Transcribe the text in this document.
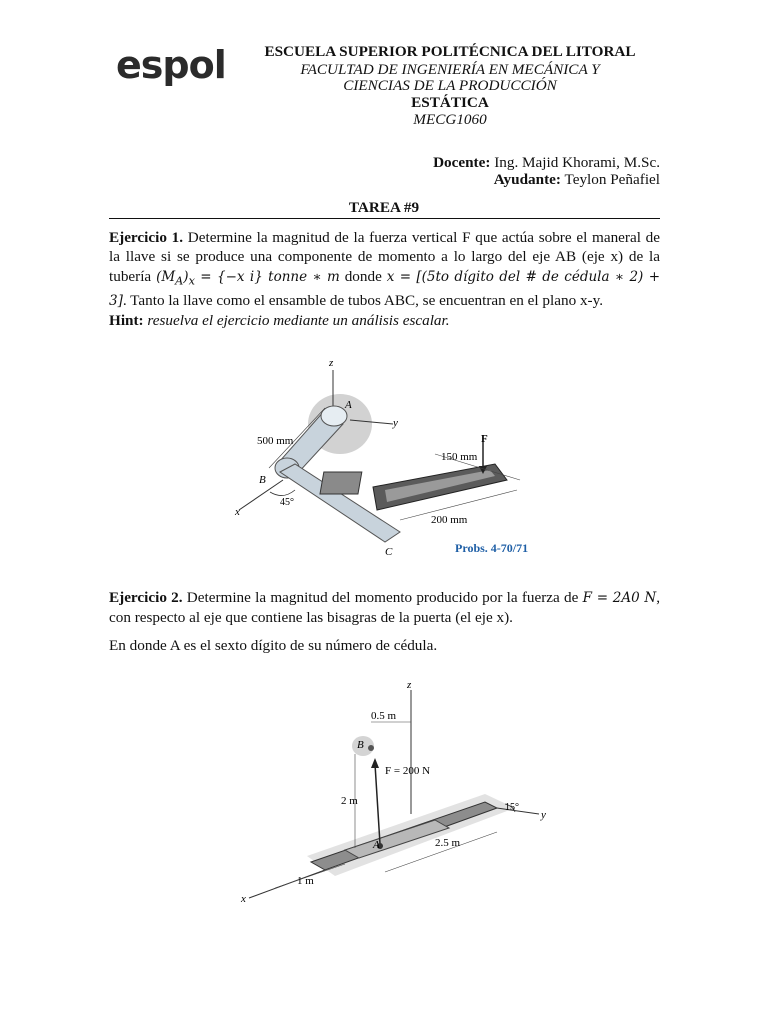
espol	ESCUELA SUPERIOR POLITÉCNICA DEL LITORAL
FACULTAD DE INGENIERÍA EN MECÁNICA Y
CIENCIAS DE LA PRODUCCIÓN
ESTÁTICA
MECG1060
Docente: Ing. Majid Khorami, M.Sc.
Ayudante: Teylon Peñafiel
TAREA #9
Ejercicio 1. Determine la magnitud de la fuerza vertical F que actúa sobre el maneral de la llave si se produce una componente de momento a lo largo del eje AB (eje x) de la tubería $(M_A)_x = \{-x$ i} tonne ∗ m donde x = [(5to dígito del # de cédula ∗ 2) + 3]. Tanto la llave como el ensamble de tubos ABC, se encuentran en el plano x-y.
Hint: resuelva el ejercicio mediante un análisis escalar.
z
y
x
45°
F
500 mm
150 mm
200 mm
A
B
C	Probs. 4-70/71
Ejercicio 2. Determine la magnitud del momento producido por la fuerza de F = 2A0 N, con respecto al eje que contiene las bisagras de la puerta (el eje x).
En donde A es el sexto dígito de su número de cédula.
z
B
0.5 m
F = 200 N
2 m
A
y
15°
2.5 m
x
1 m
